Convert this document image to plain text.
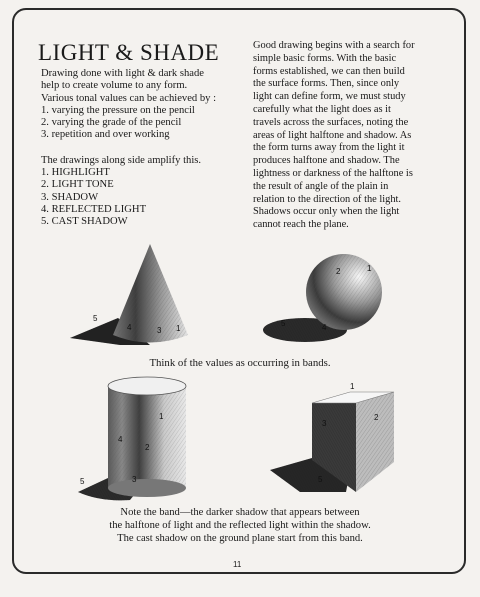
LIGHT & SHADE

Drawing done with light & dark shade

help to create volume to any form.

Various tonal values can be achieved by :

1. varying the pressure on the pencil

2. varying the grade of the pencil

3. repetition and over working

The drawings along side amplify this.

1. HIGHLIGHT

2. LIGHT TONE

3. SHADOW

4. REFLECTED LIGHT

5. CAST SHADOW

Good drawing begins with a search for
simple basic forms. With the basic
forms established, we can then build
the surface forms. Then, since only
light can define form, we must study
carefully what the light does as it
travels across the surfaces, noting the
areas of light halftone and shadow. As
the form turns away from the light it
produces halftone and shadow. The
lightness or darkness of the halftone is
the result of angle of the plain in
relation to the direction of the light.
Shadows occur only when the light
cannot reach the plane.
5
4	3 1
2	1
5	4
1
4
2
5	3
1
3
2
5
Think of the values as occurring in bands.
Note the band—the darker shadow that appears between
the halftone of light and the reflected light within the shadow.
The cast shadow on the ground plane start from this band.
11
